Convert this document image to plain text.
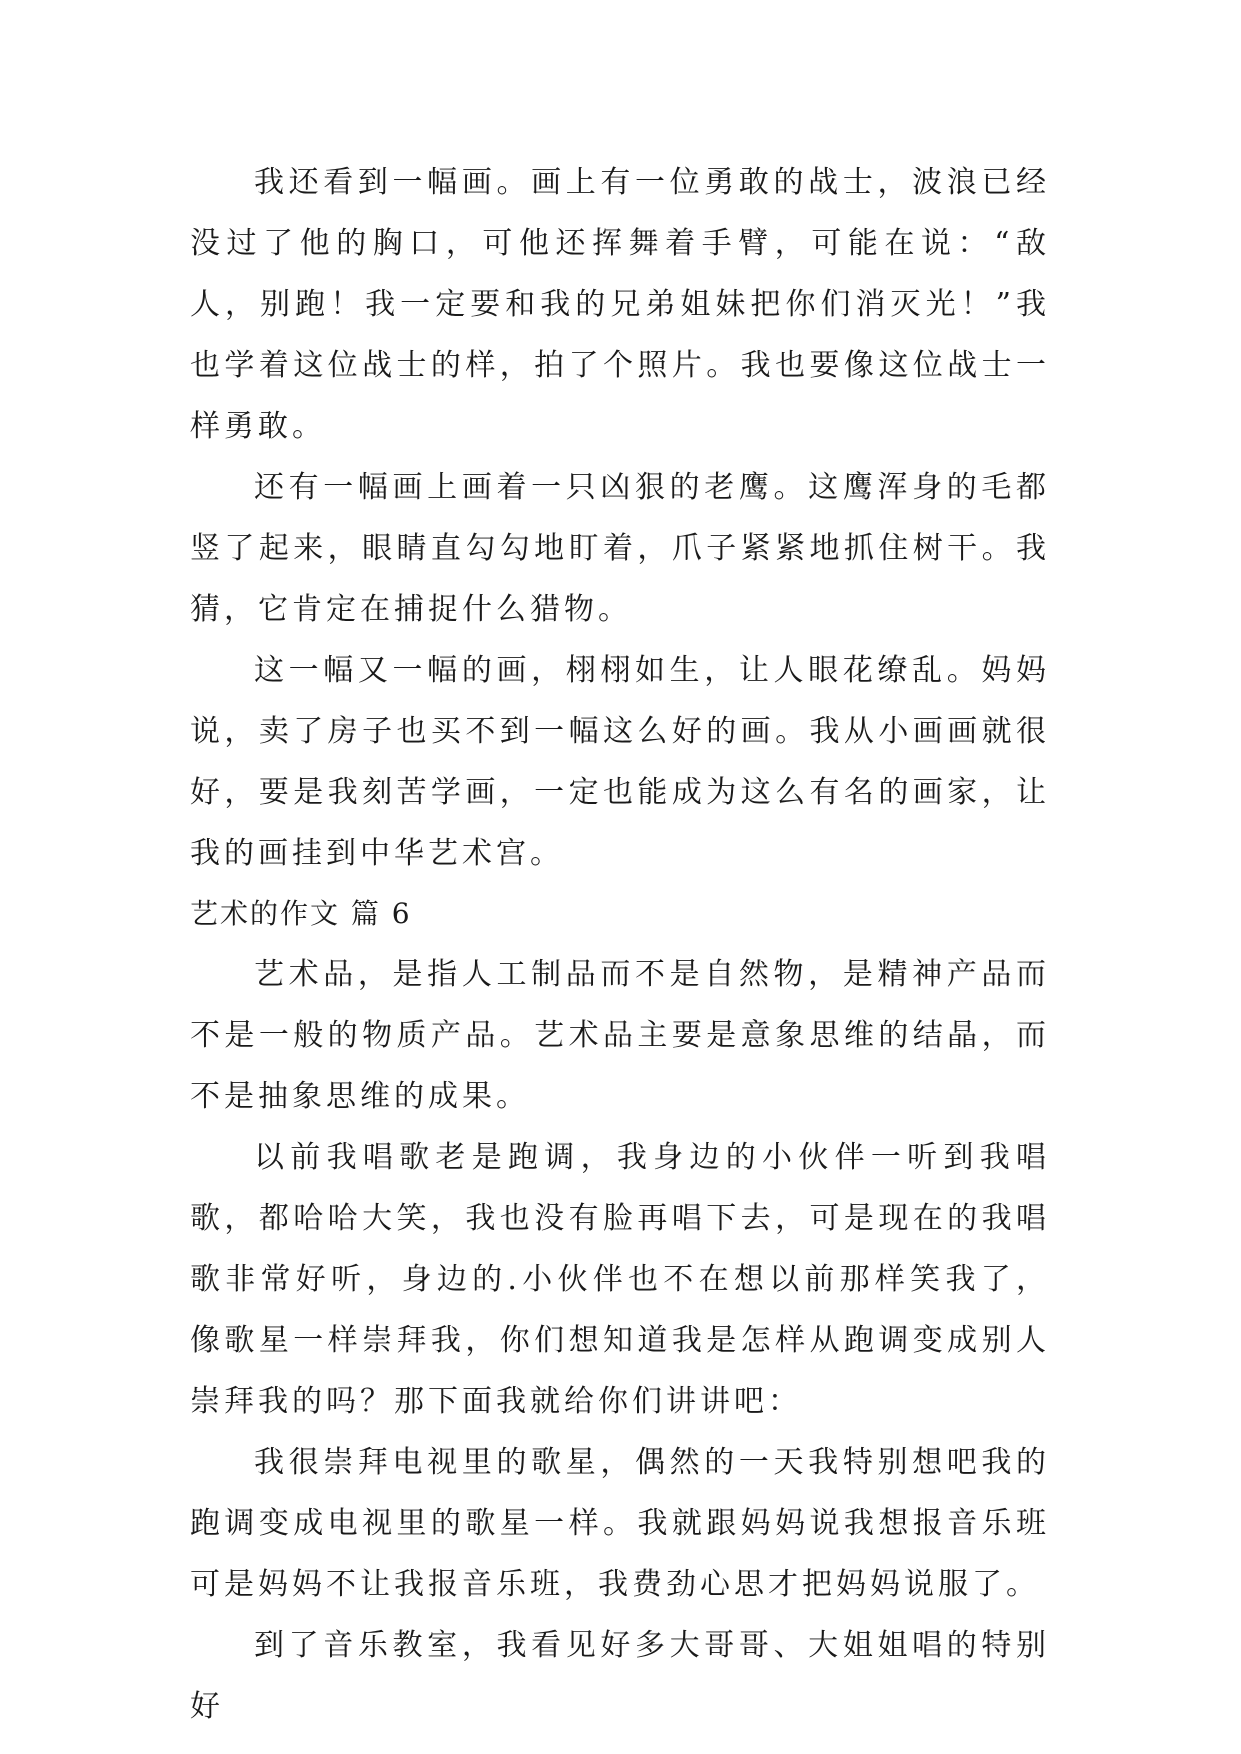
我还看到一幅画。画上有一位勇敢的战士，波浪已经没过了他的胸口，可他还挥舞着手臂，可能在说：“敌人，别跑！我一定要和我的兄弟姐妹把你们消灭光！”我也学着这位战士的样，拍了个照片。我也要像这位战士一样勇敢。

还有一幅画上画着一只凶狠的老鹰。这鹰浑身的毛都竖了起来，眼睛直勾勾地盯着，爪子紧紧地抓住树干。我猜，它肯定在捕捉什么猎物。

这一幅又一幅的画，栩栩如生，让人眼花缭乱。妈妈说，卖了房子也买不到一幅这么好的画。我从小画画就很好，要是我刻苦学画，一定也能成为这么有名的画家，让我的画挂到中华艺术宫。

艺术的作文 篇 6

艺术品，是指人工制品而不是自然物，是精神产品而不是一般的物质产品。艺术品主要是意象思维的结晶，而不是抽象思维的成果。

以前我唱歌老是跑调，我身边的小伙伴一听到我唱歌，都哈哈大笑，我也没有脸再唱下去，可是现在的我唱歌非常好听，身边的.小伙伴也不在想以前那样笑我了，像歌星一样崇拜我，你们想知道我是怎样从跑调变成别人崇拜我的吗？那下面我就给你们讲讲吧：

我很崇拜电视里的歌星，偶然的一天我特别想吧我的跑调变成电视里的歌星一样。我就跟妈妈说我想报音乐班可是妈妈不让我报音乐班，我费劲心思才把妈妈说服了。

到了音乐教室，我看见好多大哥哥、大姐姐唱的特别好
